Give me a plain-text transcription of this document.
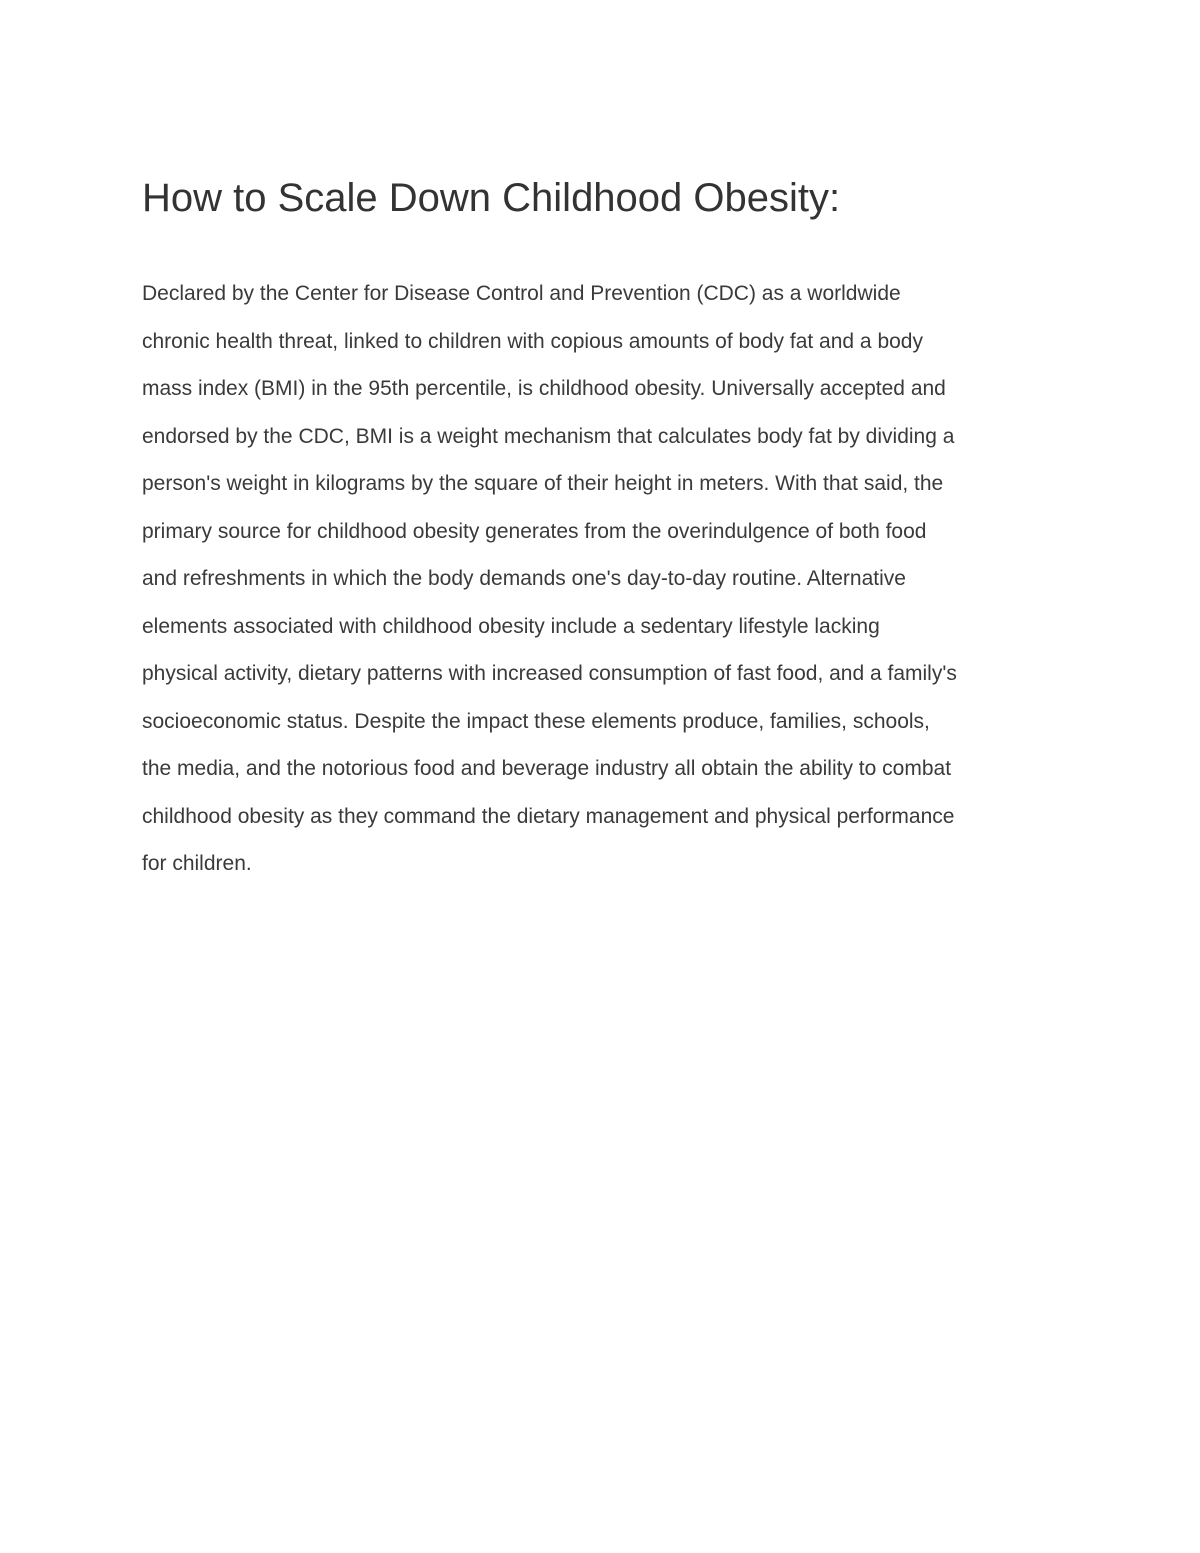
How to Scale Down Childhood Obesity:
Declared by the Center for Disease Control and Prevention (CDC) as a worldwide
chronic health threat, linked to children with copious amounts of body fat and a body
mass index (BMI) in the 95th percentile, is childhood obesity. Universally accepted and
endorsed by the CDC, BMI is a weight mechanism that calculates body fat by dividing a
person's weight in kilograms by the square of their height in meters. With that said, the
primary source for childhood obesity generates from the overindulgence of both food
and refreshments in which the body demands one's day-to-day routine. Alternative
elements associated with childhood obesity include a sedentary lifestyle lacking
physical activity, dietary patterns with increased consumption of fast food, and a family's
socioeconomic status. Despite the impact these elements produce, families, schools,
the media, and the notorious food and beverage industry all obtain the ability to combat
childhood obesity as they command the dietary management and physical performance
for children.
